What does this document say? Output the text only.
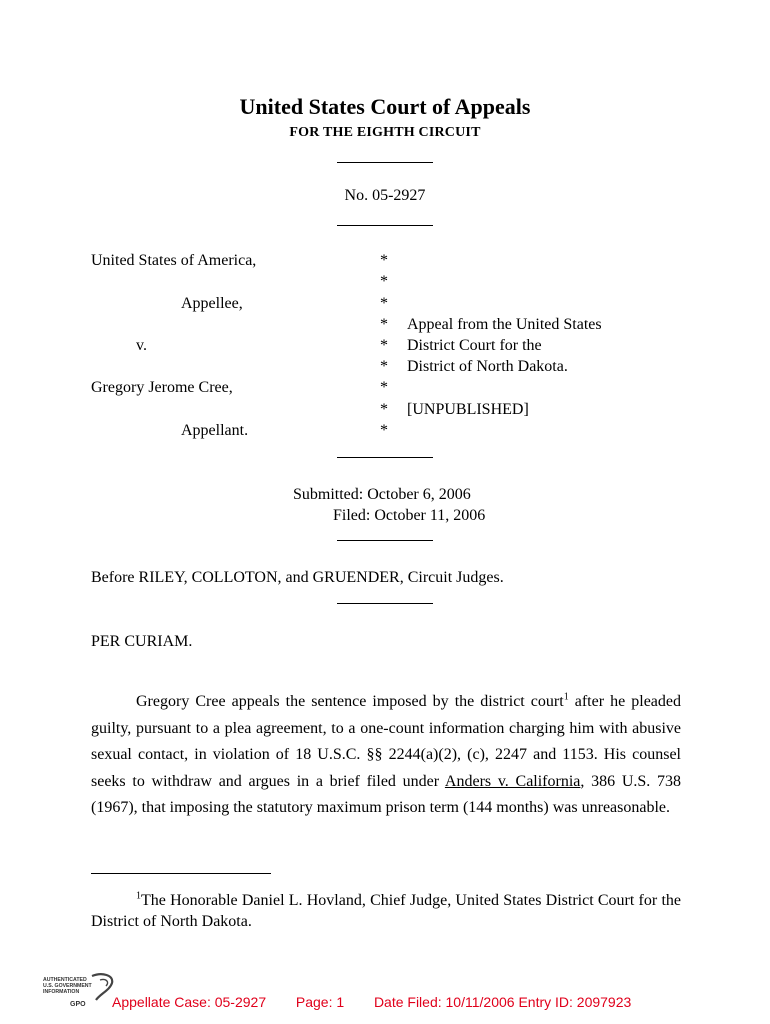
United States Court of Appeals
FOR THE EIGHTH CIRCUIT
No. 05-2927
United States of America,
Appellee,
v.
Gregory Jerome Cree,
Appellant.
*
*
*
*
*
*
*
*
*
Appeal from the United States
District Court for the
District of North Dakota.
[UNPUBLISHED]
Submitted: October 6, 2006
Filed: October 11, 2006
Before RILEY, COLLOTON, and GRUENDER, Circuit Judges.
PER CURIAM.
Gregory Cree appeals the sentence imposed by the district court$^1$ after he pleaded guilty, pursuant to a plea agreement, to a one-count information charging him with abusive sexual contact, in violation of 18 U.S.C. §§ 2244(a)(2), (c), 2247 and 1153. His counsel seeks to withdraw and argues in a brief filed under Anders v. California, 386 U.S. 738 (1967), that imposing the statutory maximum prison term (144 months) was unreasonable.
$^1$The Honorable Daniel L. Hovland, Chief Judge, United States District Court for the District of North Dakota.
AUTHENTICATED
U.S. GOVERNMENT
INFORMATION
GPO Appellate Case: 05-2927 Page: 1 Date Filed: 10/11/2006 Entry ID: 2097923
